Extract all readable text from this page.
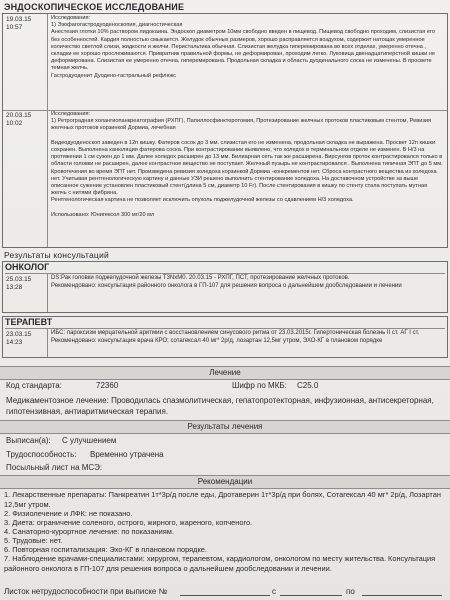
ЭНДОСКОПИЧЕСКОЕ ИССЛЕДОВАНИЕ
19.03.15
10:57
Исследования:
1) Эзофагогастродуоденоскопия, диагностическая
Анестезия глотки 10% раствором лидокаина. Эндоскоп диаметром 10мм свободно введен в пищевод. Пищевод свободно проходим, слизистая его без особенностей. Кардия полностью смыкается. Желудок обычных размеров, хорошо расправляется воздухом, содержит натощак умеренное количество светлой слизи, жидкости и желчи. Перистальтика обычная. Слизистая желудка гиперемирована во всех отделах, умеренно отечна , складки ее хорошо прослеживаются. Привратник правильной формы, не деформирован, проходим легко. Луковица двенадцатиперстной кишки не деформирована. Слизистая ее умеренно отечна, гиперемирована. Продольная складка и область дуоденального соска не изменены. В просвете темная желчь.
Гастродуоденит Дуодено-гастральный рефлюкс
20.03.15
10:02
Исследования:
1) Ретроградная холангиопанкреатография (РХПГ), Папиллосфинктеротомия, Протезирование желчных протоков пластиковым стентом, Ревизия желчных протоков корзинкой Дормиа, лечебная

Видеодуоденоскоп заведен в 12п кишку. Фатеров сосок до 3 мм. слизистая его не изменена, продольная складка не выражена. Просвет 12п кишки сохранен. Выполнена канюляция фатерова соска. При контрастировании выявлено, что холедох в терминальном отделе не изменен. В Н/3 на протяжении 1 см сужен до 1 мм. Далее холедох расширен до 13 мм. Билиарная сеть так же расширена. Вирсунгов проток контрастировался только в области головки не расширен, далее контрастное вещество не поступает. Желчный пузырь не контрастировался . Выполнена типичная ЭПТ до 5 мм. Кровотечения во время ЭПТ нет. Произведена ревизия холедоха корзинкой Дормиа -конкрементов нет. Сброса контрастного вещества из холедоха нет. Учитывая рентгенологическую картину и данные УЗИ решено выполнить стентирование холедоха. На доставочном устройстве за выше описанное сужение установлен пластиковый стент(длина 5 см, диаметр 10 Fr). После стентирования в кишку по стенту стала поступать мутная желчь с нитями фибрина.
Рентгенологическая картина не позволяет исключить опухоль поджелудочной железы со сдавлением Н/3 холедоха.

Использовано: Юнигексол 300 мг/20 мл
Результаты консультаций
ОНКОЛОГ
25.03.15
13:28
DS:Рак головки поджелудочной железы T3NxM0. 20.03.15 - РХПГ, ПСТ, протезирование желчных протоков.
Рекомендовано: консультация районного онколога в ГП-107 для решения вопроса о дальнейшем дообследовании и лечении
ТЕРАПЕВТ
23.03.15
14:23
ИБС: пароксизм мерцательной аритмии с восстановлением синусового ритма от 23.03.2015г. Гипертоническая болезнь II ст. АГ I ст.
Рекомендовано: консультация врача КРО; сотагексал 40 мг* 2р/д, лозартан 12,5мг утром, ЭХО-КГ в плановом порядке
Лечение
Код стандарта:	72360	Шифр по МКБ: С25.0
Медикаментозное лечение: Проводилась спазмолитическая, гепатопротекторная, инфузионная, антисекреторная, гипотензивная, антиаритмическая терапия.
Результаты лечения
Выписан(а): С улучшением
Трудоспособность: Временно утрачена
Посыльный лист на МСЭ:
Рекомендации
1. Лекарственные препараты: Панкреатин 1т*3р/д после еды, Дротаверин 1т*3р/д при болях, Сотагексал 40 мг* 2р/д, Лозартан 12,5мг утром.
2. Физиолечение и ЛФК: не показано.
3. Диета: ограничение соленого, острого, жирного, жареного, копченого.
4. Санаторно-курортное лечение: по показаниям.
5. Трудовые: нет.
6. Повторная госпитализация: Эхо-КГ в плановом порядке.
7. Наблюдение врачами-специалистами: хирургом, терапевтом, кардиологом, онкологом по месту жительства. Консультация районного онколога в ГП-107 для решения вопроса о дальнейшем дообследовании и лечении.
Листок нетрудоспособности при выписке №	с	по
